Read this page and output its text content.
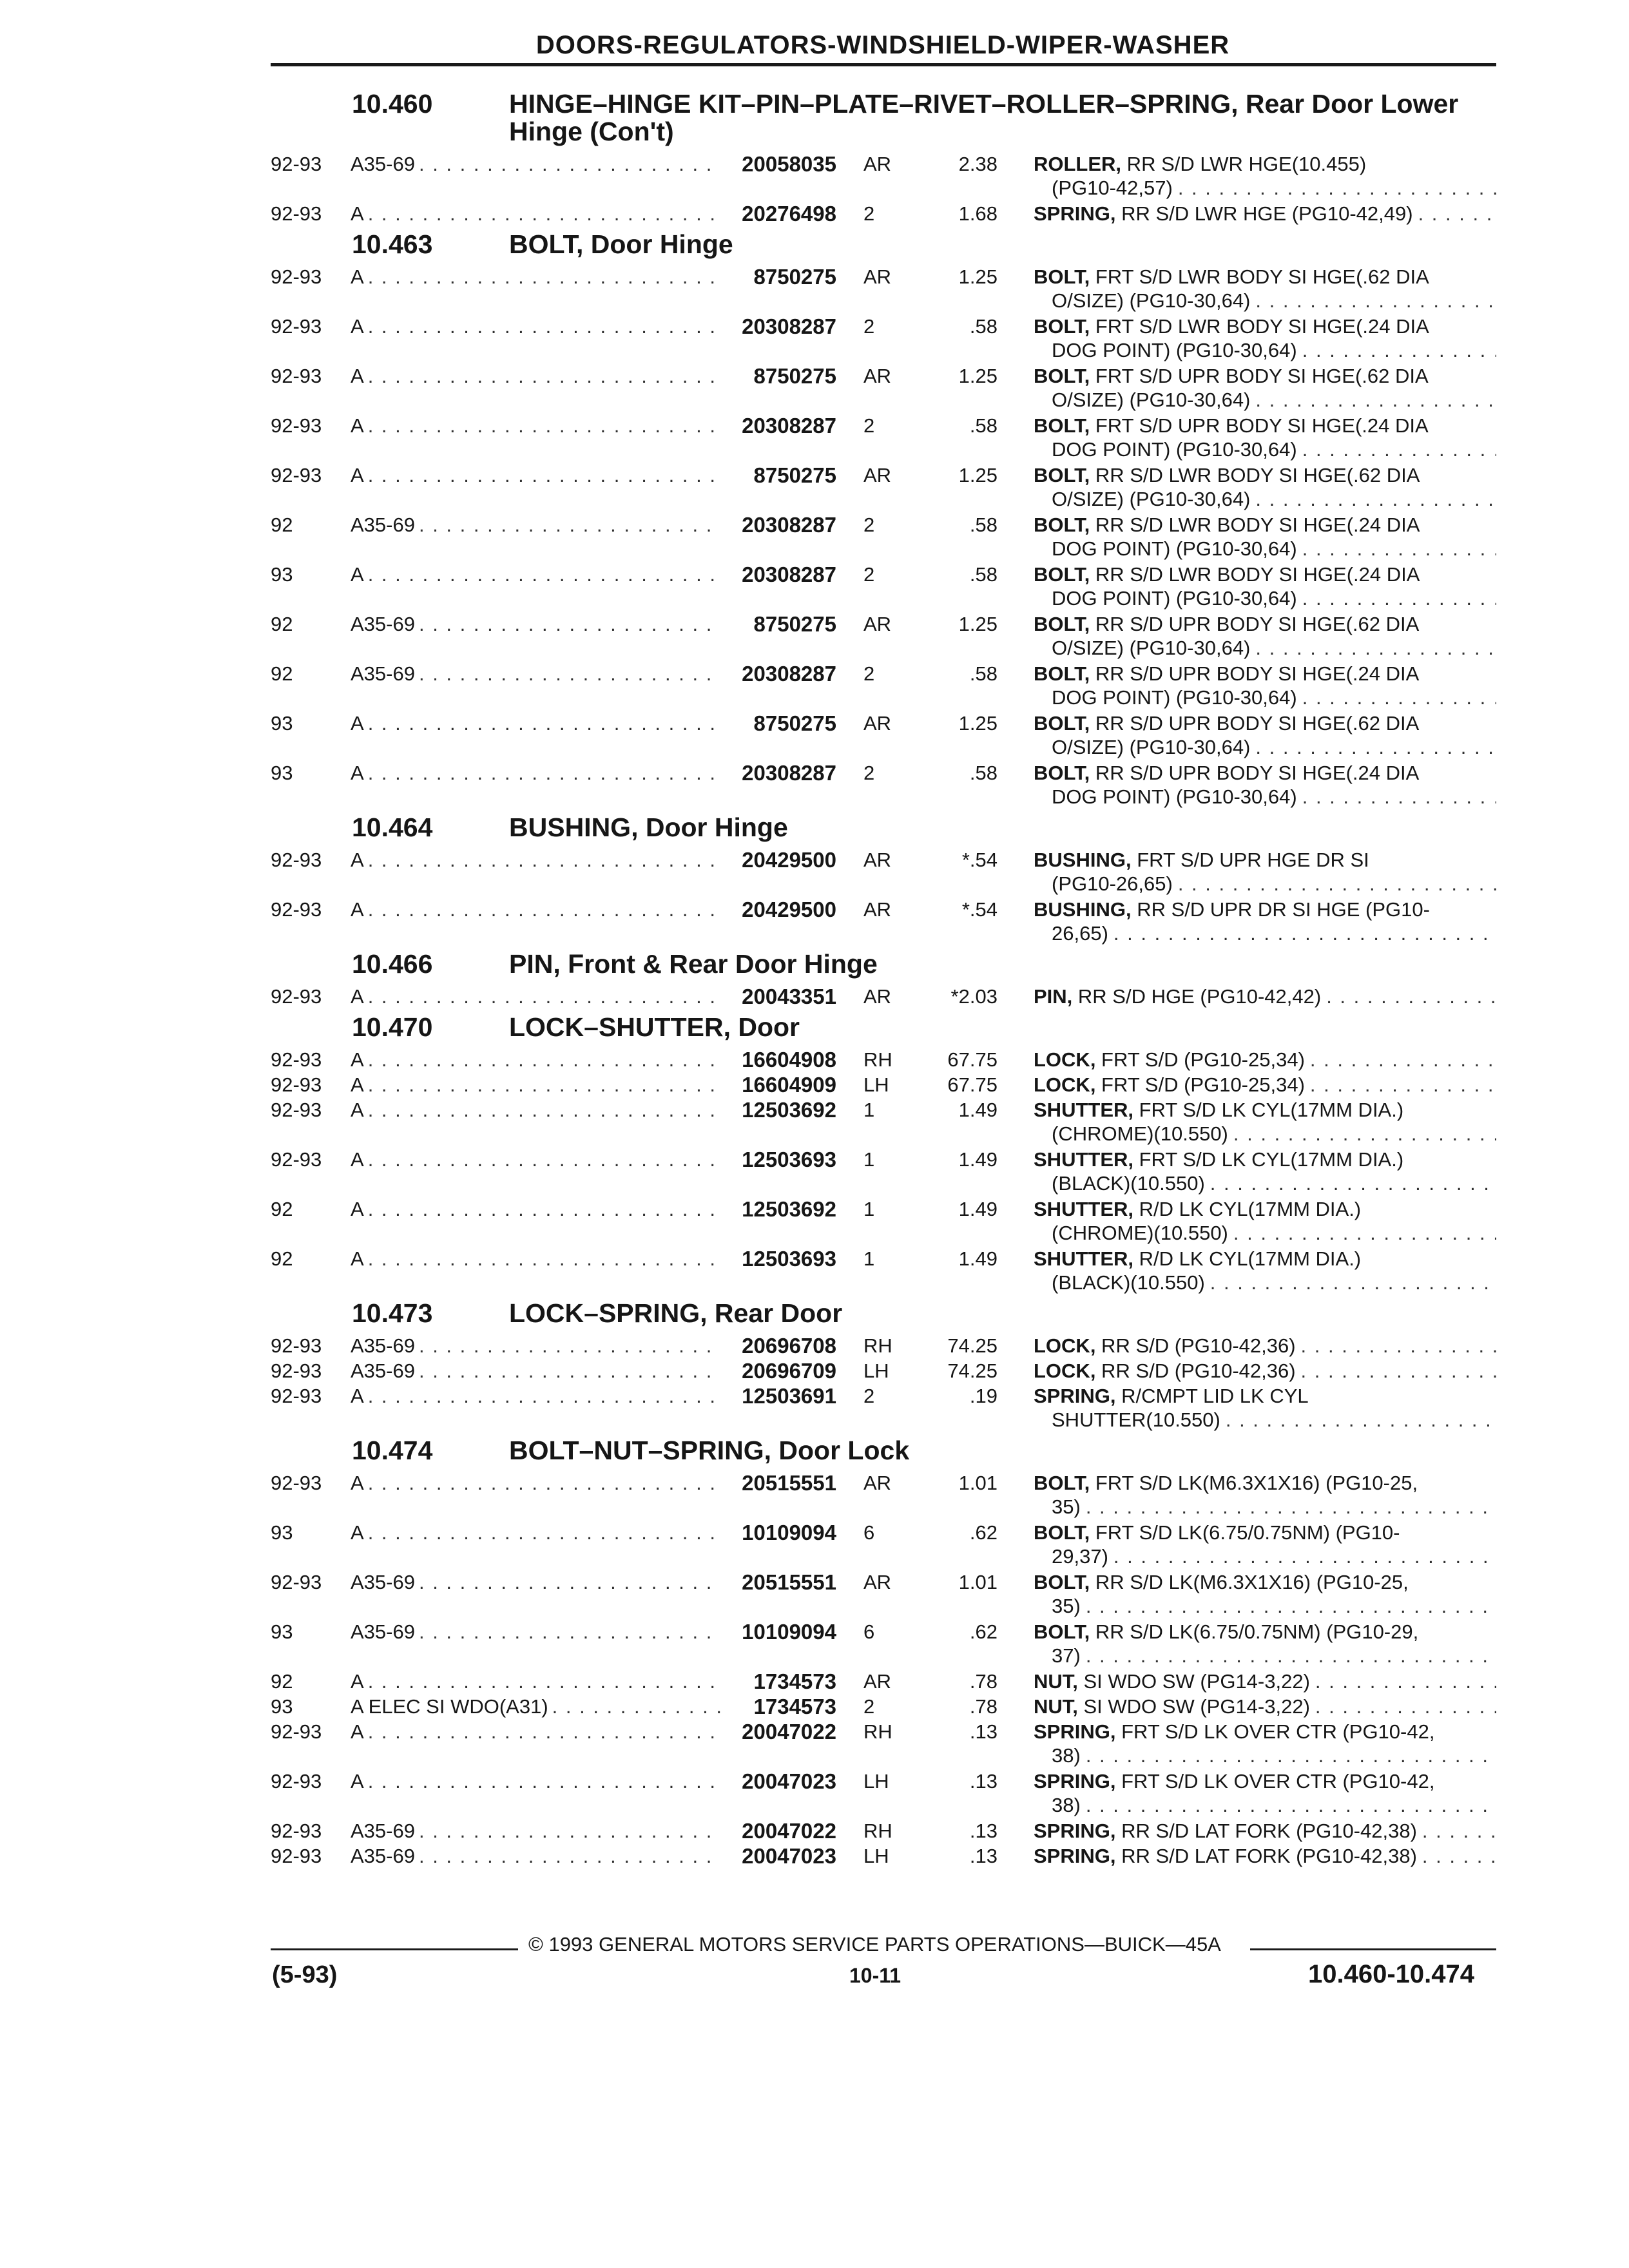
DOORS-REGULATORS-WINDSHIELD-WIPER-WASHER
10.460	HINGE–HINGE KIT–PIN–PLATE–RIVET–ROLLER–SPRING, Rear Door Lower Hinge (Con't)
92-93	A35-69 . . .	20058035	AR	2.38 ROLLER, RR S/D LWR HGE(10.455)
(PG10-42,57)
. . .
92-93	A . . .	20276498	2	1.68 SPRING, RR S/D LWR HGE (PG10-42,49)
. . .
10.463	BOLT, Door Hinge
92-93	A . . .	8750275	AR	1.25 BOLT, FRT S/D LWR BODY SI HGE(.62 DIA
O/SIZE) (PG10-30,64)
. . .
92-93	A . . .	20308287	2	.58 BOLT, FRT S/D LWR BODY SI HGE(.24 DIA
DOG POINT) (PG10-30,64)
. . .
92-93	A . . .	8750275	AR	1.25 BOLT, FRT S/D UPR BODY SI HGE(.62 DIA
O/SIZE) (PG10-30,64)
. . .
92-93	A . . .	20308287	2	.58 BOLT, FRT S/D UPR BODY SI HGE(.24 DIA
DOG POINT) (PG10-30,64)
. . .
92-93	A . . .	8750275	AR	1.25 BOLT, RR S/D LWR BODY SI HGE(.62 DIA
O/SIZE) (PG10-30,64)
. . .
92	A35-69 . . .	20308287	2	.58 BOLT, RR S/D LWR BODY SI HGE(.24 DIA
DOG POINT) (PG10-30,64)
. . .
93	A . . .	20308287	2	.58 BOLT, RR S/D LWR BODY SI HGE(.24 DIA
DOG POINT) (PG10-30,64)
. . .
92	A35-69 . . .	8750275	AR	1.25 BOLT, RR S/D UPR BODY SI HGE(.62 DIA
O/SIZE) (PG10-30,64)
. . .
92	A35-69 . . .	20308287	2	.58 BOLT, RR S/D UPR BODY SI HGE(.24 DIA
DOG POINT) (PG10-30,64)
. . .
93	A . . .	8750275	AR	1.25 BOLT, RR S/D UPR BODY SI HGE(.62 DIA
O/SIZE) (PG10-30,64)
. . .
93	A . . .	20308287	2	.58 BOLT, RR S/D UPR BODY SI HGE(.24 DIA
DOG POINT) (PG10-30,64)
. . .
10.464	BUSHING, Door Hinge
92-93	A . . .	20429500	AR	*.54 BUSHING, FRT S/D UPR HGE DR SI
(PG10-26,65)
. . .
92-93	A . . .	20429500	AR	*.54 BUSHING, RR S/D UPR DR SI HGE (PG10-
26,65)
. . .
10.466	PIN, Front & Rear Door Hinge
92-93	A . . .	20043351	AR	*2.03 PIN, RR S/D HGE (PG10-42,42)
. . .
10.470	LOCK–SHUTTER, Door
92-93	A . . .	16604908	RH	67.75 LOCK, FRT S/D (PG10-25,34)
. . .
92-93	A . . .	16604909	LH	67.75 LOCK, FRT S/D (PG10-25,34)
. . .
92-93	A . . .	12503692	1	1.49 SHUTTER, FRT S/D LK CYL(17MM DIA.)
(CHROME)(10.550)
. . .
92-93	A . . .	12503693	1	1.49 SHUTTER, FRT S/D LK CYL(17MM DIA.)
(BLACK)(10.550)
. . .
92	A . . .	12503692	1	1.49 SHUTTER, R/D LK CYL(17MM DIA.)
(CHROME)(10.550)
. . .
92	A . . .	12503693	1	1.49 SHUTTER, R/D LK CYL(17MM DIA.)
(BLACK)(10.550)
. . .
10.473	LOCK–SPRING, Rear Door
92-93	A35-69 . . .	20696708	RH	74.25 LOCK, RR S/D (PG10-42,36)
. . .
92-93	A35-69 . . .	20696709	LH	74.25 LOCK, RR S/D (PG10-42,36)
. . .
92-93	A . . .	12503691	2	.19 SPRING, R/CMPT LID LK CYL
SHUTTER(10.550)
. . .
10.474	BOLT–NUT–SPRING, Door Lock
92-93	A . . .	20515551	AR	1.01 BOLT, FRT S/D LK(M6.3X1X16) (PG10-25,
35)
. . .
93	A . . .	10109094	6	.62 BOLT, FRT S/D LK(6.75/0.75NM) (PG10-
29,37)
. . .
92-93	A35-69 . . .	20515551	AR	1.01 BOLT, RR S/D LK(M6.3X1X16) (PG10-25,
35)
. . .
93	A35-69 . . .	10109094	6	.62 BOLT, RR S/D LK(6.75/0.75NM) (PG10-29,
37)
. . .
92	A . . .	1734573	AR	.78 NUT, SI WDO SW (PG14-3,22)
. . .
93	A ELEC SI WDO(A31) . . .	1734573	2	.78 NUT, SI WDO SW (PG14-3,22)
. . .
92-93	A . . .	20047022	RH	.13 SPRING, FRT S/D LK OVER CTR (PG10-42,
38)
. . .
92-93	A . . .	20047023	LH	.13 SPRING, FRT S/D LK OVER CTR (PG10-42,
38)
. . .
92-93	A35-69 . . .	20047022	RH	.13 SPRING, RR S/D LAT FORK (PG10-42,38)
. . .
92-93	A35-69 . . .	20047023	LH	.13 SPRING, RR S/D LAT FORK (PG10-42,38)
. . .
© 1993 GENERAL MOTORS SERVICE PARTS OPERATIONS—BUICK—45A
(5-93)	10-11	10.460-10.474
